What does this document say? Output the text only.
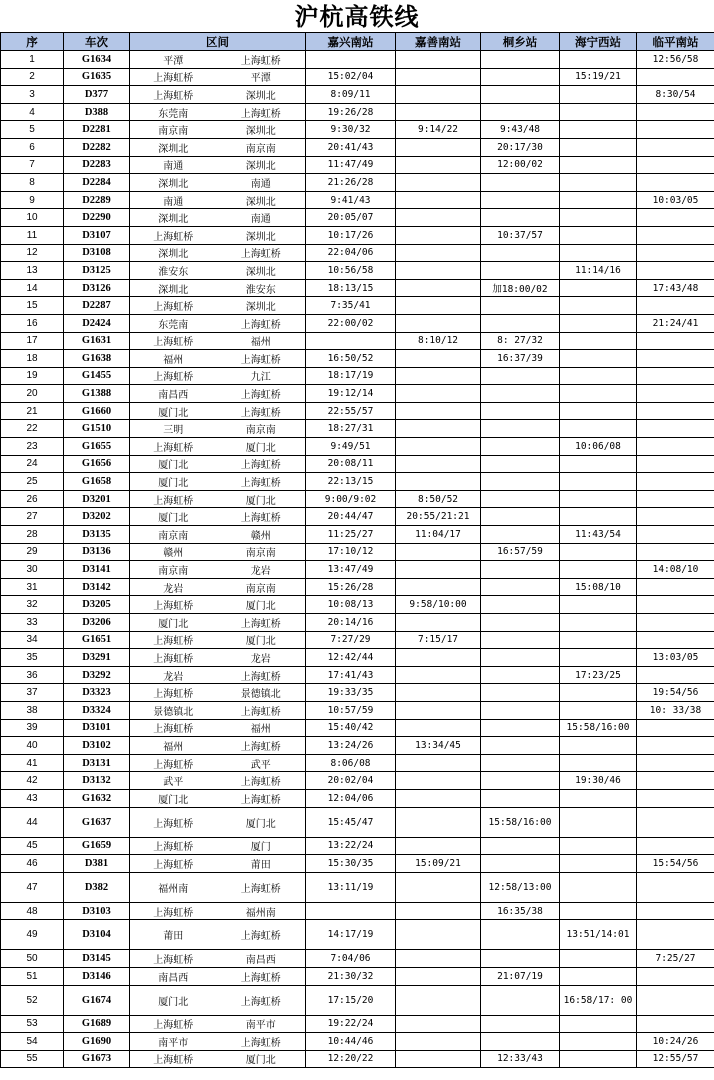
沪杭高铁线
序	车次	区间		嘉兴南站	嘉善南站	桐乡站	海宁西站	临平南站
1	G1634	平潭	上海虹桥					12:56/58
2	G1635	上海虹桥	平潭	15:02/04			15:19/21	
3	D377	上海虹桥	深圳北	8:09/11				8:30/54
4	D388	东莞南	上海虹桥	19:26/28				
5	D2281	南京南	深圳北	9:30/32	9:14/22	9:43/48		
6	D2282	深圳北	南京南	20:41/43		20:17/30		
7	D2283	南通	深圳北	11:47/49		12:00/02		
8	D2284	深圳北	南通	21:26/28				
9	D2289	南通	深圳北	9:41/43				10:03/05
10	D2290	深圳北	南通	20:05/07				
11	D3107	上海虹桥	深圳北	10:17/26		10:37/57		
12	D3108	深圳北	上海虹桥	22:04/06				
13	D3125	淮安东	深圳北	10:56/58			11:14/16	
14	D3126	深圳北	淮安东	18:13/15		加18:00/02		17:43/48
15	D2287	上海虹桥	深圳北	7:35/41				
16	D2424	东莞南	上海虹桥	22:00/02				21:24/41
17	G1631	上海虹桥	福州		8:10/12	8: 27/32		
18	G1638	福州	上海虹桥	16:50/52		16:37/39		
19	G1455	上海虹桥	九江	18:17/19				
20	G1388	南昌西	上海虹桥	19:12/14				
21	G1660	厦门北	上海虹桥	22:55/57				
22	G1510	三明	南京南	18:27/31				
23	G1655	上海虹桥	厦门北	9:49/51			10:06/08	
24	G1656	厦门北	上海虹桥	20:08/11				
25	G1658	厦门北	上海虹桥	22:13/15				
26	D3201	上海虹桥	厦门北	9:00/9:02	8:50/52			
27	D3202	厦门北	上海虹桥	20:44/47	20:55/21:21			
28	D3135	南京南	赣州	11:25/27	11:04/17		11:43/54	
29	D3136	赣州	南京南	17:10/12		16:57/59		
30	D3141	南京南	龙岩	13:47/49				14:08/10
31	D3142	龙岩	南京南	15:26/28			15:08/10	
32	D3205	上海虹桥	厦门北	10:08/13	9:58/10:00			
33	D3206	厦门北	上海虹桥	20:14/16				
34	G1651	上海虹桥	厦门北	7:27/29	7:15/17			
35	D3291	上海虹桥	龙岩	12:42/44				13:03/05
36	D3292	龙岩	上海虹桥	17:41/43			17:23/25	
37	D3323	上海虹桥	景德镇北	19:33/35				19:54/56
38	D3324	景德镇北	上海虹桥	10:57/59				10: 33/38
39	D3101	上海虹桥	福州	15:40/42			15:58/16:00	
40	D3102	福州	上海虹桥	13:24/26	13:34/45			
41	D3131	上海虹桥	武平	8:06/08				
42	D3132	武平	上海虹桥	20:02/04			19:30/46	
43	G1632	厦门北	上海虹桥	12:04/06				
44	G1637	上海虹桥	厦门北	15:45/47		15:58/16:00		
45	G1659	上海虹桥	厦门	13:22/24				
46	D381	上海虹桥	莆田	15:30/35	15:09/21			15:54/56
47	D382	福州南	上海虹桥	13:11/19		12:58/13:00		
48	D3103	上海虹桥	福州南			16:35/38		
49	D3104	莆田	上海虹桥	14:17/19			13:51/14:01	
50	D3145	上海虹桥	南昌西	7:04/06				7:25/27
51	D3146	南昌西	上海虹桥	21:30/32		21:07/19		
52	G1674	厦门北	上海虹桥	17:15/20			16:58/17: 00	
53	G1689	上海虹桥	南平市	19:22/24				
54	G1690	南平市	上海虹桥	10:44/46				10:24/26
55	G1673	上海虹桥	厦门北	12:20/22		12:33/43		12:55/57
